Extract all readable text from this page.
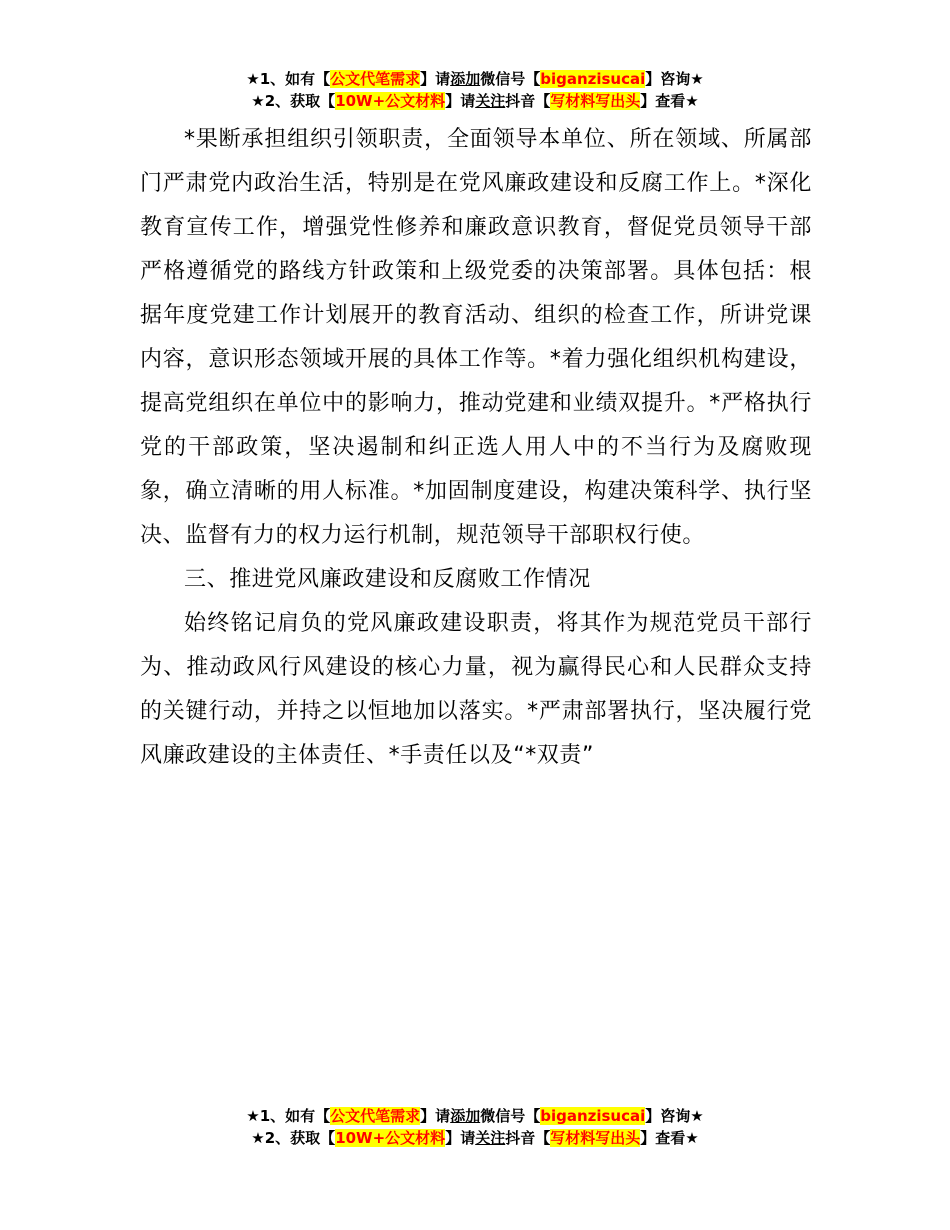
★1、如有【公文代笔需求】请添加微信号【biganzisucai】咨询★
★2、获取【10W+公文材料】请关注抖音【写材料写出头】查看★

*果断承担组织引领职责，全面领导本单位、所在领域、所属部门严肃党内政治生活，特别是在党风廉政建设和反腐工作上。*深化教育宣传工作，增强党性修养和廉政意识教育，督促党员领导干部严格遵循党的路线方针政策和上级党委的决策部署。具体包括：根据年度党建工作计划展开的教育活动、组织的检查工作，所讲党课内容，意识形态领域开展的具体工作等。*着力强化组织机构建设，提高党组织在单位中的影响力，推动党建和业绩双提升。*严格执行党的干部政策，坚决遏制和纠正选人用人中的不当行为及腐败现象，确立清晰的用人标准。*加固制度建设，构建决策科学、执行坚决、监督有力的权力运行机制，规范领导干部职权行使。

三、推进党风廉政建设和反腐败工作情况

始终铭记肩负的党风廉政建设职责，将其作为规范党员干部行为、推动政风行风建设的核心力量，视为赢得民心和人民群众支持的关键行动，并持之以恒地加以落实。*严肃部署执行，坚决履行党风廉政建设的主体责任、*手责任以及“*双责”

★1、如有【公文代笔需求】请添加微信号【biganzisucai】咨询★
★2、获取【10W+公文材料】请关注抖音【写材料写出头】查看★
